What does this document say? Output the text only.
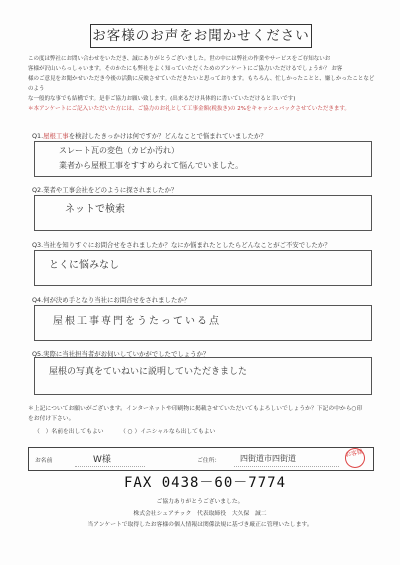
お客様のお声をお聞かせください

この度は弊社にお問い合わせをいただき、誠にありがとうございました。世の中には弊社の作業やサービスをご存知ないお

客様が沢山いらっしゃいます。そのかたにも弊社をよく知っていただくためのアンケートにご協力いただけるでしょうか？ お客

様のご意見をお聞かせいただき今後の活動に反映させていただきたいと思っております。もちろん、忙しかったことと、嫌しかったことなどのよう

な一般的な事でも結構です。是非ご協力お願い致します。(出来るだけ具体的に書いていただけると幸いです)

＊本アンケートにご記入いただいた方には、ご協力のお礼として工事金額(税抜き)の 2%をキャッシュバックさせていただきます。

Q1.屋根工事を検討したきっかけは何ですか？どんなことで悩まれていましたか？
スレート瓦の変色（カビか汚れ）
業者から屋根工事をすすめられて悩んでいました。
Q2.業者や工事会社をどのように探されましたか？
ネットで検索
Q3.当社を知りすぐにお問合せをされましたか？なにか悩まれたとしたらどんなことがご不安でしたか？
とくに悩みなし
Q4.何が決め手となり当社にお問合せをされましたか？
屋根工事専門をうたっている点
Q5.実際に当社担当者がお伺いしていかがでしたでしょうか？
屋根の写真をていねいに説明していただきました
＊上記についてお願いがございます。インターネットや印刷物に掲載させていただいてもよろしいでしょうか？下記の中から○印
をお付け下さい。
（　）名前を出してもよい	（ ○ ）イニシャルなら出してもよい
お名前	W様	ご住所： 四街道市四街道	お客様
FAX 0438－60－7774
ご協力ありがとうございました。
株式会社シェアテック　代表取締役　大久保　誠二
当アンケートで取得したお客様の個人情報は関係法規に基づき厳正に管理いたします。
